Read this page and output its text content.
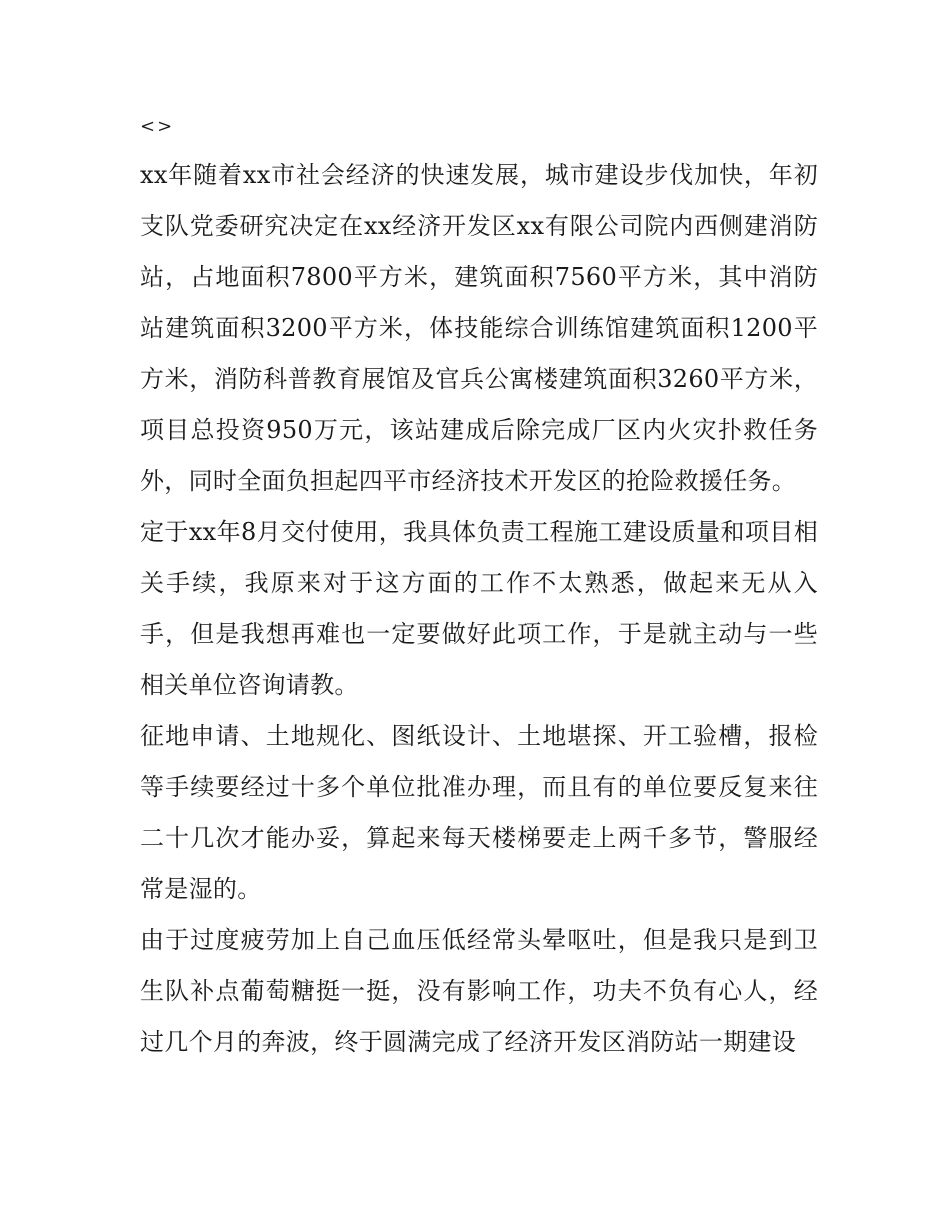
<>

xx年随着xx市社会经济的快速发展，城市建设步伐加快，年初支队党委研究决定在xx经济开发区xx有限公司院内西侧建消防站，占地面积7800平方米，建筑面积7560平方米，其中消防站建筑面积3200平方米，体技能综合训练馆建筑面积1200平方米，消防科普教育展馆及官兵公寓楼建筑面积3260平方米，项目总投资950万元，该站建成后除完成厂区内火灾扑救任务外，同时全面负担起四平市经济技术开发区的抢险救援任务。

定于xx年8月交付使用，我具体负责工程施工建设质量和项目相关手续，我原来对于这方面的工作不太熟悉，做起来无从入手，但是我想再难也一定要做好此项工作，于是就主动与一些相关单位咨询请教。

征地申请、土地规化、图纸设计、土地堪探、开工验槽，报检等手续要经过十多个单位批准办理，而且有的单位要反复来往二十几次才能办妥，算起来每天楼梯要走上两千多节，警服经常是湿的。

由于过度疲劳加上自己血压低经常头晕呕吐，但是我只是到卫生队补点葡萄糖挺一挺，没有影响工作，功夫不负有心人，经过几个月的奔波，终于圆满完成了经济开发区消防站一期建设
